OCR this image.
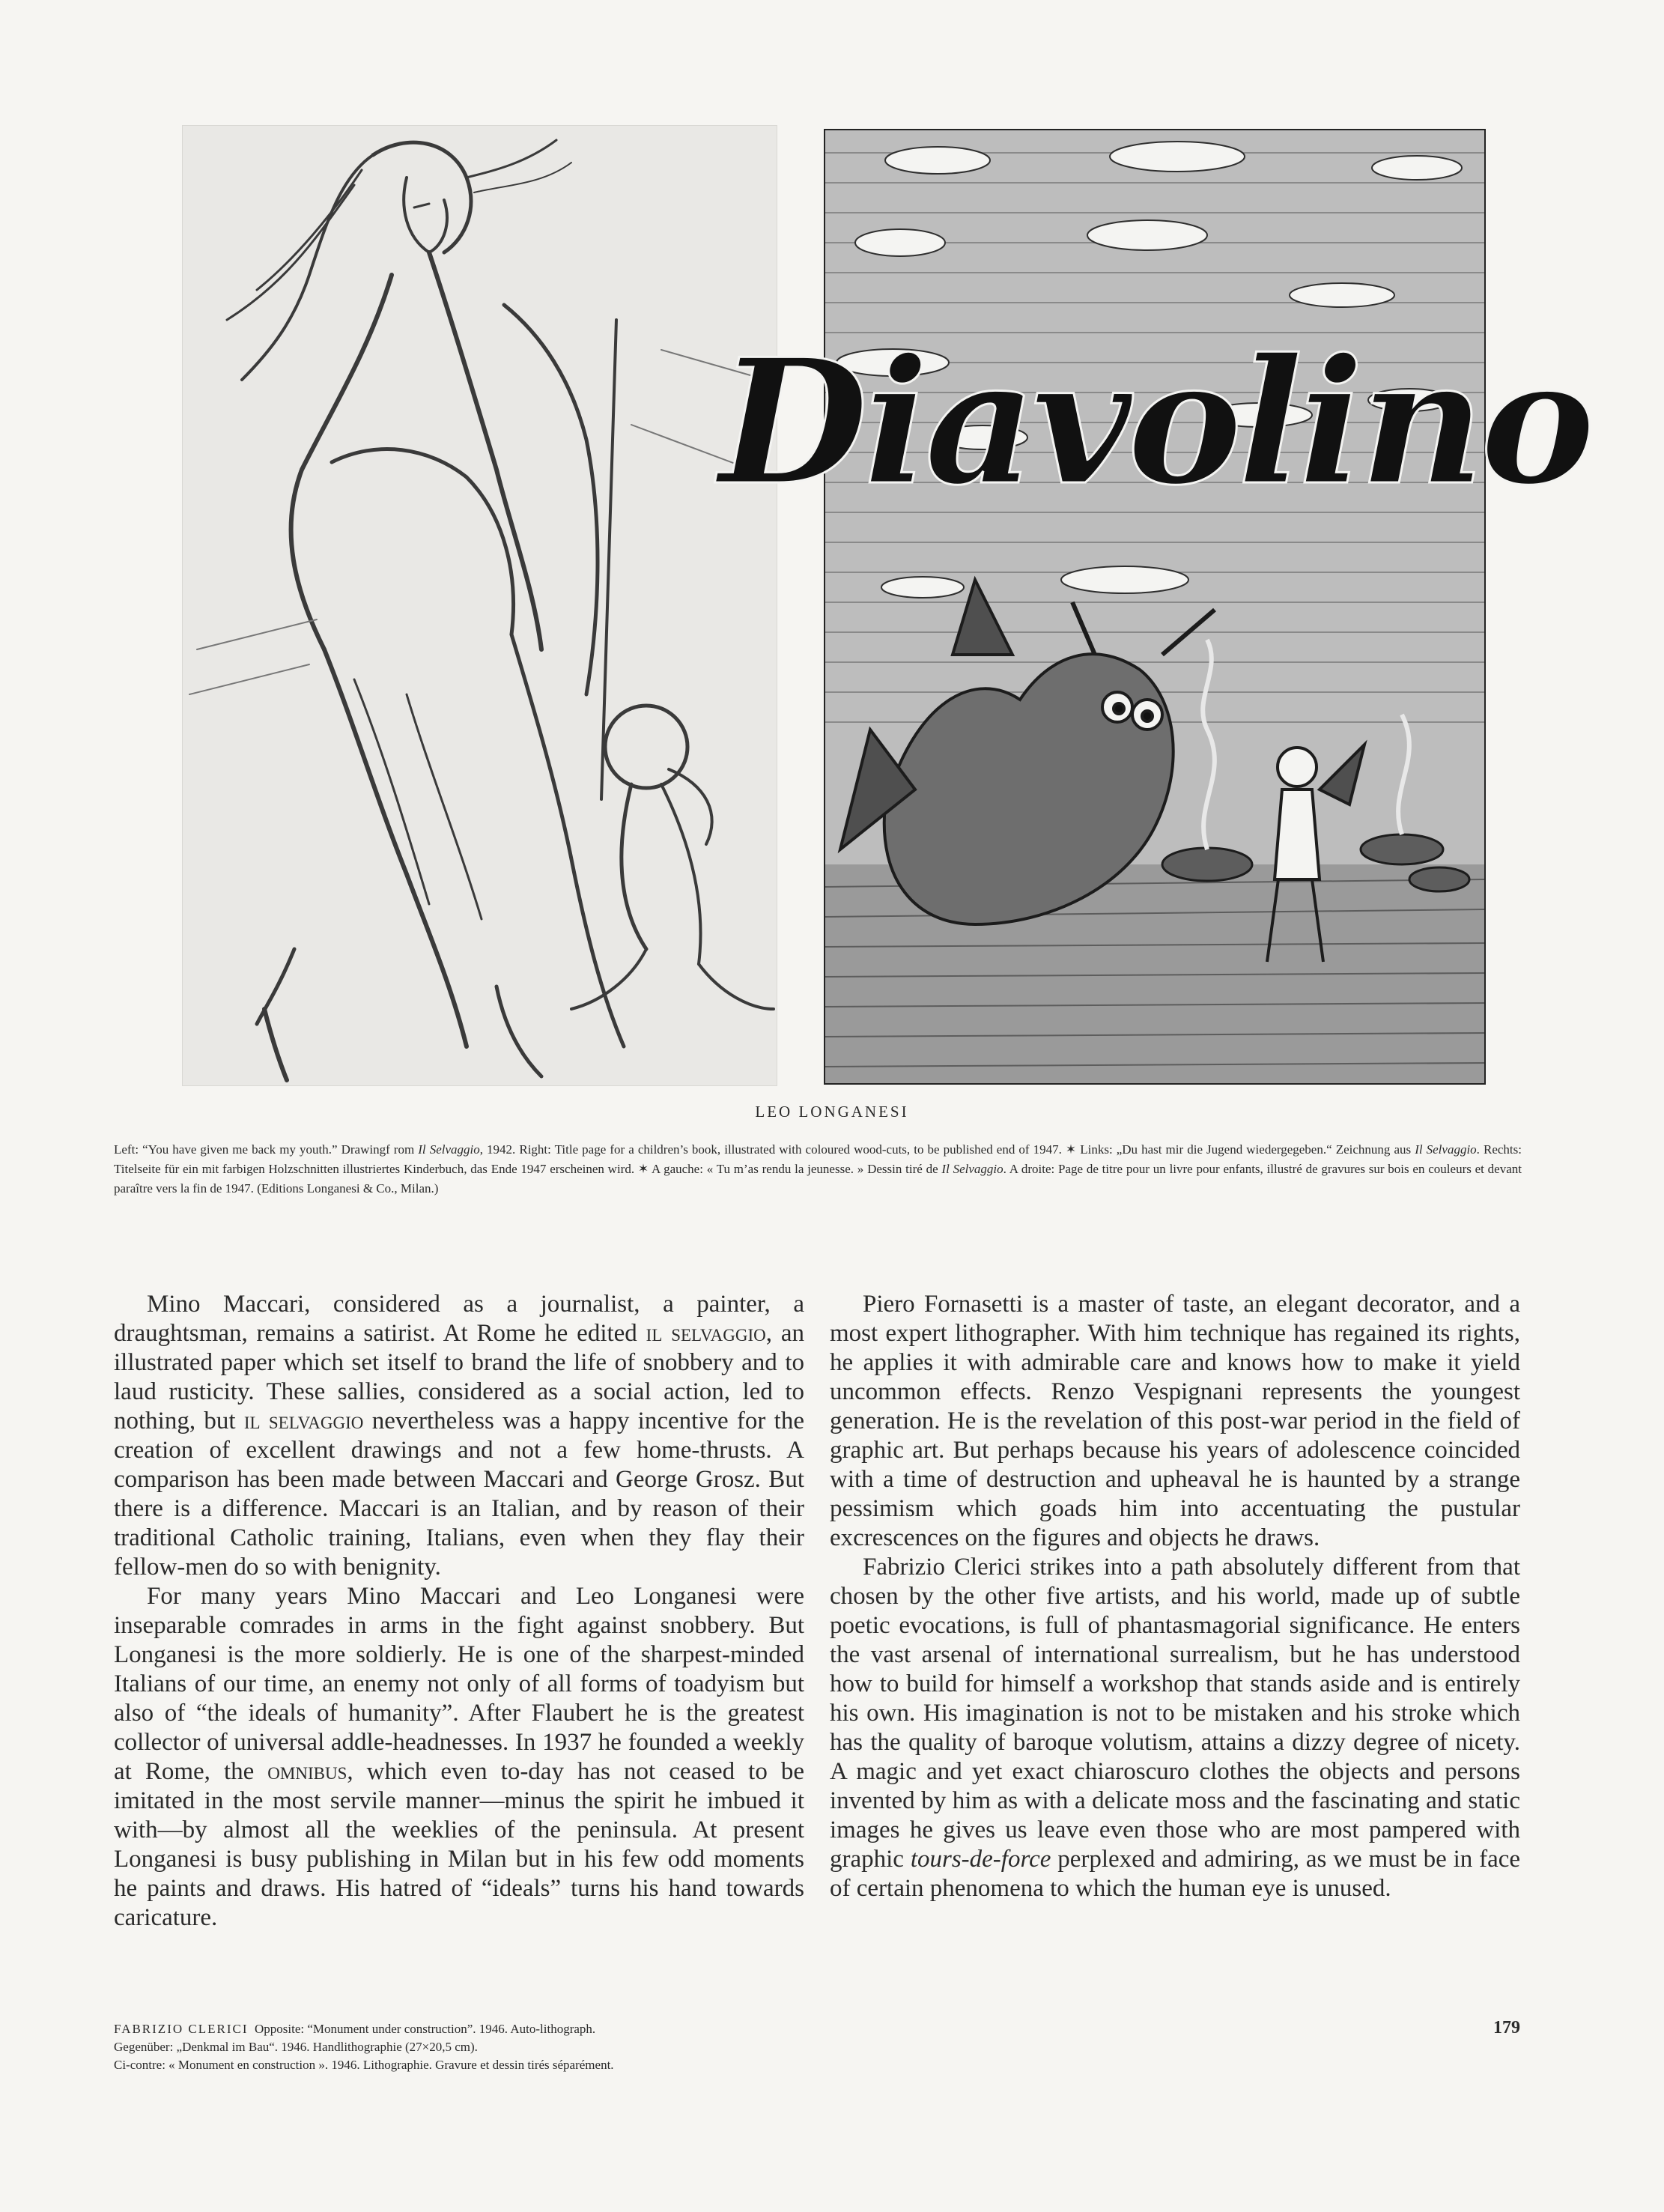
Diavolino
LEO LONGANESI
Left: “You have given me back my youth.” Drawingf rom Il Selvaggio, 1942. Right: Title page for a children’s book, illustrated with coloured wood-cuts, to be published end of 1947. ✶ Links: „Du hast mir die Jugend wiedergegeben.“ Zeichnung aus Il Selvaggio. Rechts: Titelseite für ein mit farbigen Holzschnitten illustriertes Kinderbuch, das Ende 1947 erscheinen wird. ✶ A gauche: « Tu m’as rendu la jeunesse. » Dessin tiré de Il Selvaggio. A droite: Page de titre pour un livre pour enfants, illustré de gravures sur bois en couleurs et devant paraître vers la fin de 1947. (Editions Longanesi & Co., Milan.)

Mino Maccari, considered as a journalist, a painter, a draughtsman, remains a satirist. At Rome he edited il selvaggio, an illustrated paper which set itself to brand the life of snobbery and to laud rusticity. These sallies, considered as a social action, led to nothing, but il selvaggio nevertheless was a happy incentive for the creation of excellent drawings and not a few home-thrusts. A comparison has been made between Maccari and George Grosz. But there is a difference. Maccari is an Italian, and by reason of their traditional Catholic training, Italians, even when they flay their fellow-men do so with benignity.

For many years Mino Maccari and Leo Longanesi were inseparable comrades in arms in the fight against snobbery. But Longanesi is the more soldierly. He is one of the sharpest-minded Italians of our time, an enemy not only of all forms of toadyism but also of “the ideals of humanity”. After Flaubert he is the greatest collector of universal addle-headnesses. In 1937 he founded a weekly at Rome, the omnibus, which even to-day has not ceased to be imitated in the most servile manner—minus the spirit he imbued it with—by almost all the weeklies of the peninsula. At present Longanesi is busy publishing in Milan but in his few odd moments he paints and draws. His hatred of “ideals” turns his hand towards caricature.

Piero Fornasetti is a master of taste, an elegant decorator, and a most expert lithographer. With him technique has regained its rights, he applies it with admirable care and knows how to make it yield uncommon effects. Renzo Vespignani represents the youngest generation. He is the revelation of this post-war period in the field of graphic art. But perhaps because his years of adolescence coincided with a time of destruction and upheaval he is haunted by a strange pessimism which goads him into accentuating the pustular excrescences on the figures and objects he draws.

Fabrizio Clerici strikes into a path absolutely different from that chosen by the other five artists, and his world, made up of subtle poetic evocations, is full of phantasmagorial significance. He enters the vast arsenal of international surrealism, but he has understood how to build for himself a workshop that stands aside and is entirely his own. His imagination is not to be mistaken and his stroke which has the quality of baroque volutism, attains a dizzy degree of nicety. A magic and yet exact chiaroscuro clothes the objects and persons invented by him as with a delicate moss and the fascinating and static images he gives us leave even those who are most pampered with graphic tours-de-force perplexed and admiring, as we must be in face of certain phenomena to which the human eye is unused.

FABRIZIO CLERICI Opposite: “Monument under construction”. 1946. Auto-lithograph.
Gegenüber: „Denkmal im Bau“. 1946. Handlithographie (27×20,5 cm).
Ci-contre: « Monument en construction ». 1946. Lithographie. Gravure et dessin tirés séparément.
179
